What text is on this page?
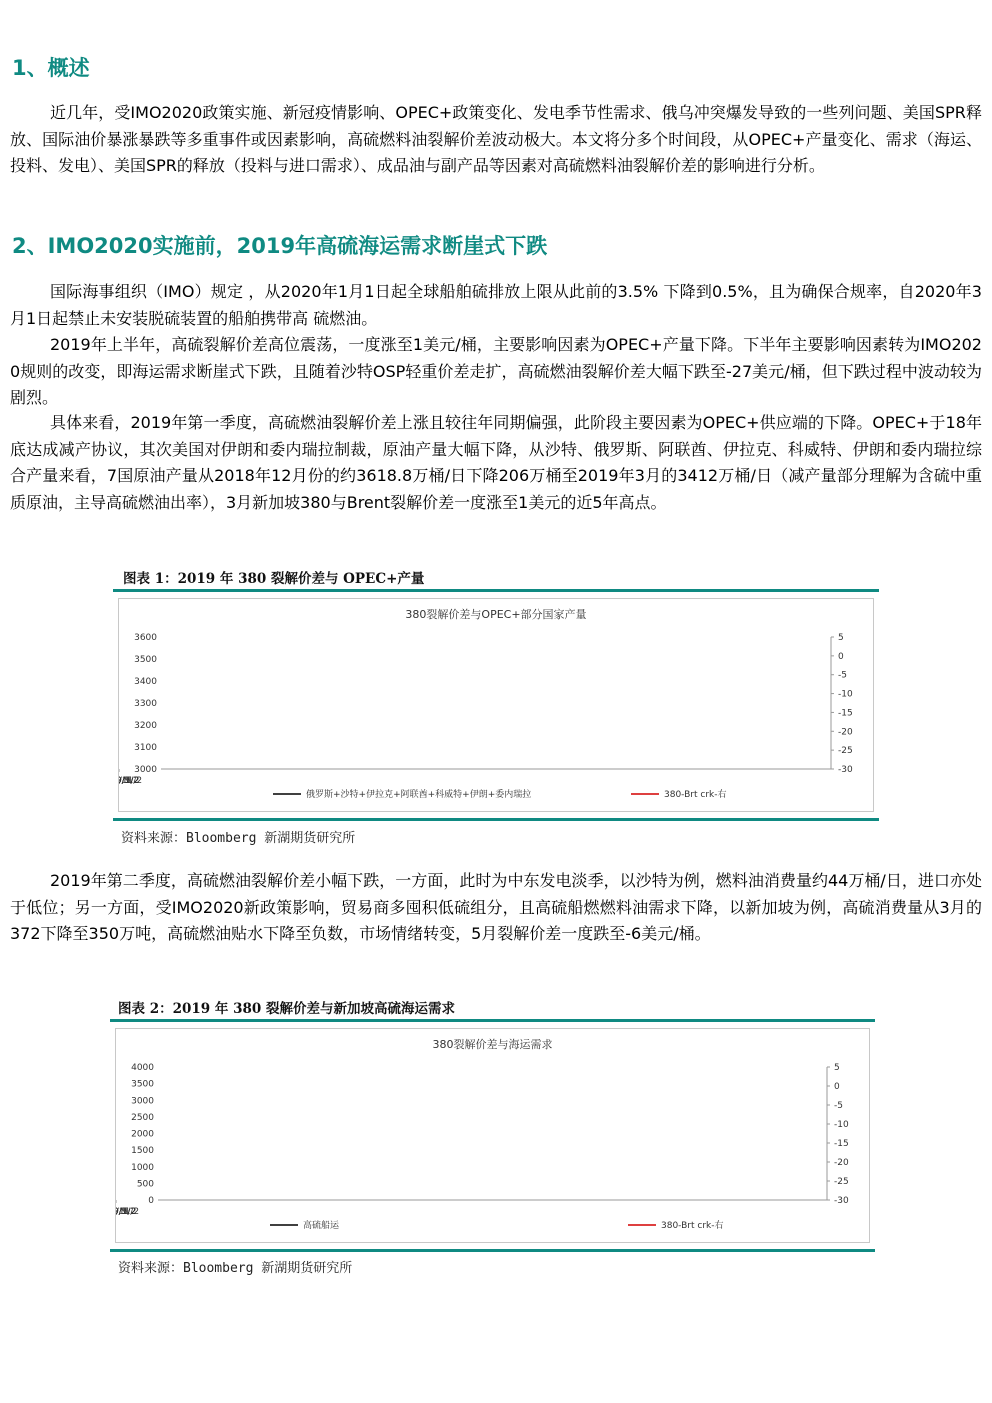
1、概述

近几年，受IMO2020政策实施、新冠疫情影响、OPEC+政策变化、发电季节性需求、俄乌冲突爆发导致的一些列问题、美国SPR释放、国际油价暴涨暴跌等多重事件或因素影响，高硫燃料油裂解价差波动极大。本文将分多个时间段，从OPEC+产量变化、需求（海运、投料、发电）、美国SPR的释放（投料与进口需求）、成品油与副产品等因素对高硫燃料油裂解价差的影响进行分析。

2、IMO2020实施前，2019年高硫海运需求断崖式下跌

国际海事组织（IMO）规定 ，从2020年1月1日起全球船舶硫排放上限从此前的3.5% 下降到0.5%，且为确保合规率，自2020年3月1日起禁止未安装脱硫装置的船舶携带高 硫燃油。

2019年上半年，高硫裂解价差高位震荡，一度涨至1美元/桶，主要影响因素为OPEC+产量下降。下半年主要影响因素转为IMO2020规则的改变，即海运需求断崖式下跌，且随着沙特OSP轻重价差走扩，高硫燃油裂解价差大幅下跌至-27美元/桶，但下跌过程中波动较为剧烈。

具体来看，2019年第一季度，高硫燃油裂解价差上涨且较往年同期偏强，此阶段主要因素为OPEC+供应端的下降。OPEC+于18年底达成减产协议，其次美国对伊朗和委内瑞拉制裁，原油产量大幅下降，从沙特、俄罗斯、阿联酋、伊拉克、科威特、伊朗和委内瑞拉综合产量来看，7国原油产量从2018年12月份的约3618.8万桶/日下降206万桶至2019年3月的3412万桶/日（减产量部分理解为含硫中重质原油，主导高硫燃油出率），3月新加坡380与Brent裂解价差一度涨至1美元的近5年高点。

图表 1：2019 年 380 裂解价差与 OPEC+产量

380裂解价差与OPEC+部分国家产量
/1/2
/3/2
/5/2
/7/2
/9/2
/11/2
/1/2
3600
3500
3400
3300
3200
3100
3000
5
0
-5
-10
-15
-20
-25
-30
俄罗斯+沙特+伊拉克+阿联酋+科威特+伊朗+委内瑞拉	380-Brt crk-右

资料来源：Bloomberg 新湖期货研究所

2019年第二季度，高硫燃油裂解价差小幅下跌，一方面，此时为中东发电淡季，以沙特为例，燃料油消费量约44万桶/日，进口亦处于低位；另一方面，受IMO2020新政策影响，贸易商多囤积低硫组分，且高硫船燃燃料油需求下降，以新加坡为例，高硫消费量从3月的372下降至350万吨，高硫燃油贴水下降至负数，市场情绪转变，5月裂解价差一度跌至-6美元/桶。

图表 2：2019 年 380 裂解价差与新加坡高硫海运需求

380裂解价差与海运需求
/1/2
/3/2
/5/2
/7/2
/9/2
/11/2
/1/2
4000
3500
3000
2500
2000
1500
1000
500
0
5
0
-5
-10
-15
-20
-25
-30
高硫船运	380-Brt crk-右

资料来源：Bloomberg 新湖期货研究所
